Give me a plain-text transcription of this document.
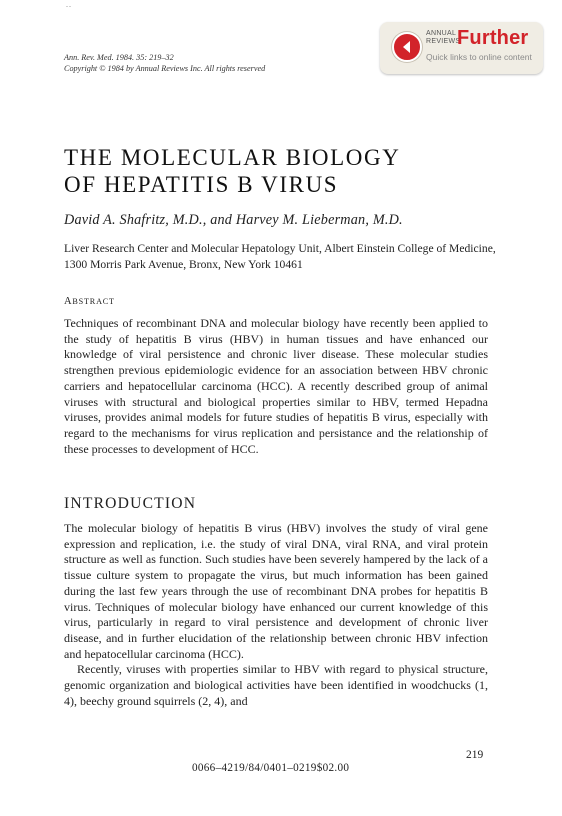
..
Ann. Rev. Med. 1984. 35: 219–32
Copyright © 1984 by Annual Reviews Inc. All rights reserved
ANNUAL
REVIEWS
Further
Quick links to online content
THE MOLECULAR BIOLOGY
OF HEPATITIS B VIRUS
David A. Shafritz, M.D., and Harvey M. Lieberman, M.D.
Liver Research Center and Molecular Hepatology Unit, Albert Einstein College of Medicine, 1300 Morris Park Avenue, Bronx, New York 10461
ABSTRACT

Techniques of recombinant DNA and molecular biology have recently been applied to the study of hepatitis B virus (HBV) in human tissues and have enhanced our knowledge of viral persistence and chronic liver disease. These molecular studies strengthen previous epidemiologic evidence for an association between HBV chronic carriers and hepatocellular carcinoma (HCC). A recently described group of animal viruses with structural and biological properties similar to HBV, termed Hepadna viruses, provides animal models for future studies of hepatitis B virus, especially with regard to the mechanisms for virus replication and persistance and the relationship of these processes to development of HCC.

INTRODUCTION

The molecular biology of hepatitis B virus (HBV) involves the study of viral gene expression and replication, i.e. the study of viral DNA, viral RNA, and viral protein structure as well as function. Such studies have been severely hampered by the lack of a tissue culture system to propagate the virus, but much information has been gained during the last few years through the use of recombinant DNA probes for hepatitis B virus. Techniques of molecular biology have enhanced our current knowledge of this virus, particularly in regard to viral persistence and development of chronic liver disease, and in further elucidation of the relationship between chronic HBV infection and hepatocellular carcinoma (HCC).

Recently, viruses with properties similar to HBV with regard to physical structure, genomic organization and biological activities have been identified in woodchucks (1, 4), beechy ground squirrels (2, 4), and

219
0066–4219/84/0401–0219$02.00
